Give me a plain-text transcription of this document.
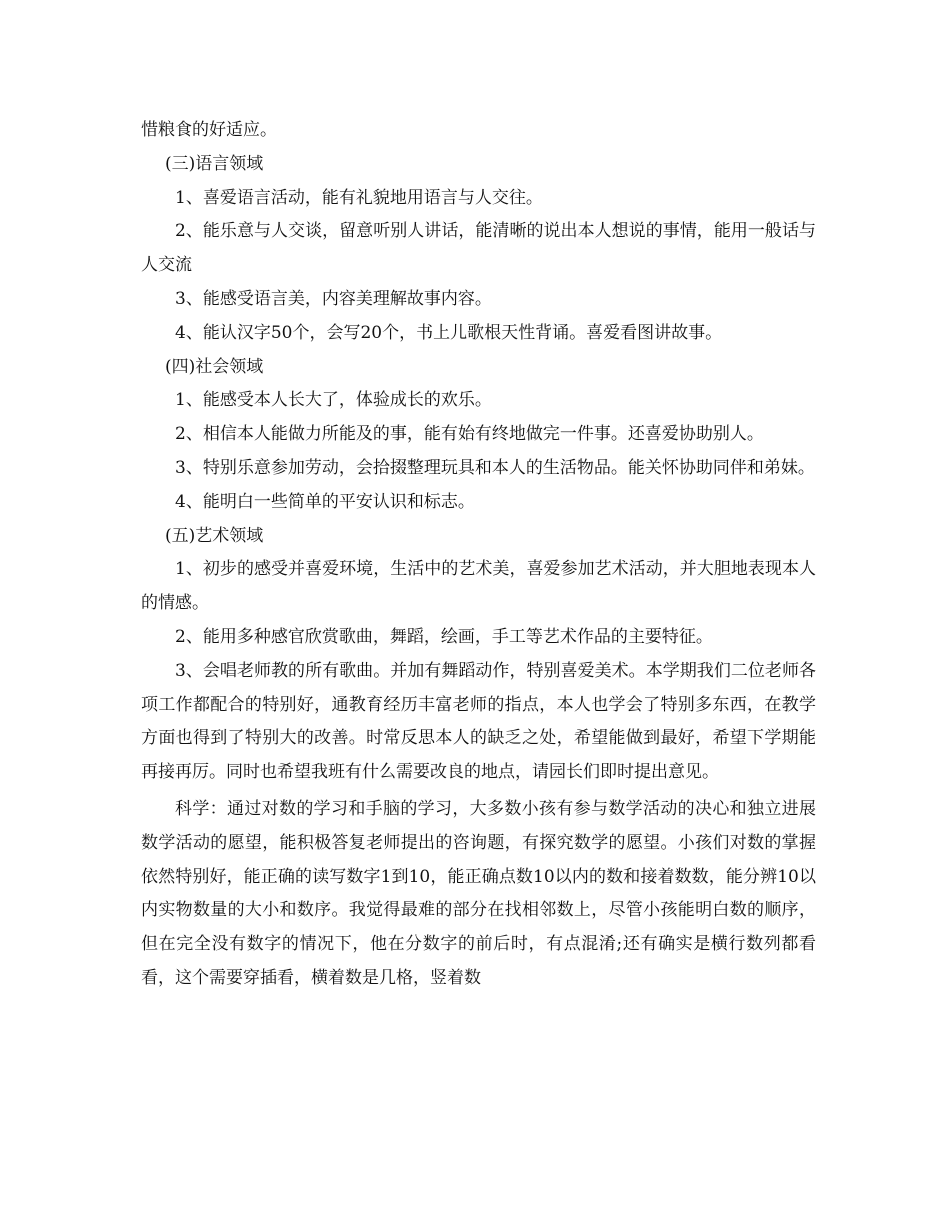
惜粮食的好适应。

(三)语言领域

1、喜爱语言活动，能有礼貌地用语言与人交往。

2、能乐意与人交谈，留意听别人讲话，能清晰的说出本人想说的事情，能用一般话与人交流

3、能感受语言美，内容美理解故事内容。

4、能认汉字50个，会写20个，书上儿歌根天性背诵。喜爱看图讲故事。

(四)社会领域

1、能感受本人长大了，体验成长的欢乐。

2、相信本人能做力所能及的事，能有始有终地做完一件事。还喜爱协助别人。

3、特别乐意参加劳动，会拾掇整理玩具和本人的生活物品。能关怀协助同伴和弟妹。

4、能明白一些简单的平安认识和标志。

(五)艺术领域

1、初步的感受并喜爱环境，生活中的艺术美，喜爱参加艺术活动，并大胆地表现本人的情感。

2、能用多种感官欣赏歌曲，舞蹈，绘画，手工等艺术作品的主要特征。

3、会唱老师教的所有歌曲。并加有舞蹈动作，特别喜爱美术。本学期我们二位老师各项工作都配合的特别好，通教育经历丰富老师的指点，本人也学会了特别多东西，在教学方面也得到了特别大的改善。时常反思本人的缺乏之处，希望能做到最好，希望下学期能再接再厉。同时也希望我班有什么需要改良的地点，请园长们即时提出意见。

科学：通过对数的学习和手脑的学习，大多数小孩有参与数学活动的决心和独立进展数学活动的愿望，能积极答复老师提出的咨询题，有探究数学的愿望。小孩们对数的掌握依然特别好，能正确的读写数字1到10，能正确点数10以内的数和接着数数，能分辨10以内实物数量的大小和数序。我觉得最难的部分在找相邻数上，尽管小孩能明白数的顺序，但在完全没有数字的情况下，他在分数字的前后时，有点混淆;还有确实是横行数列都看看，这个需要穿插看，横着数是几格，竖着数
